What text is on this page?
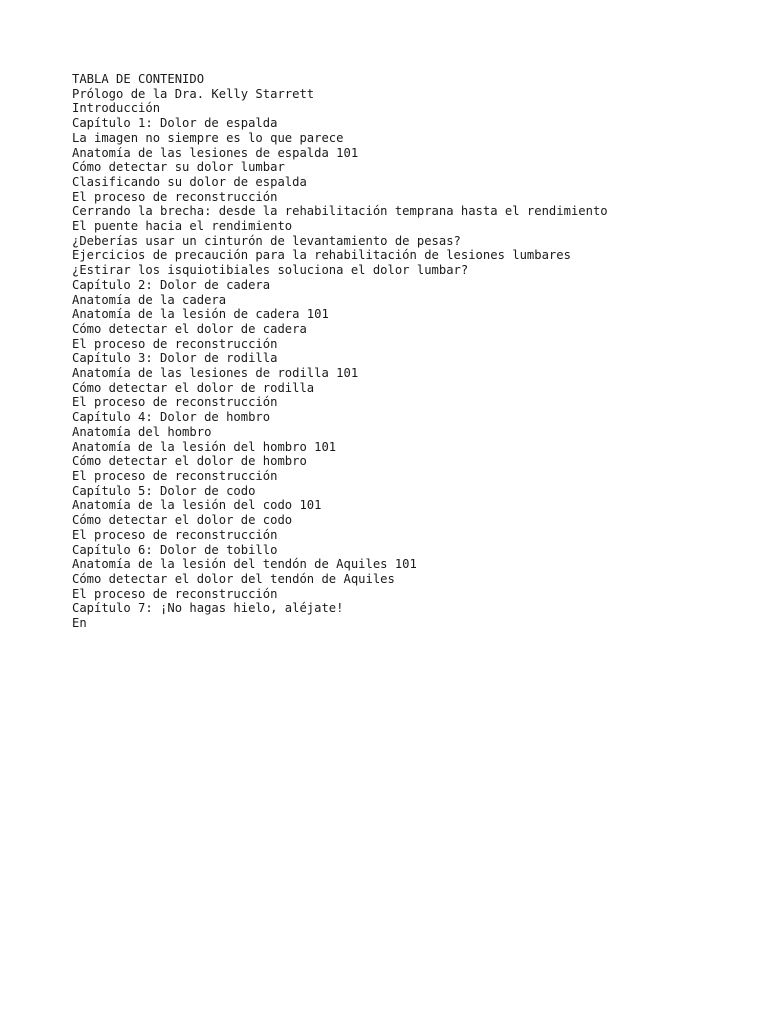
TABLA DE CONTENIDO
Prólogo de la Dra. Kelly Starrett
Introducción
Capítulo 1: Dolor de espalda
La imagen no siempre es lo que parece
Anatomía de las lesiones de espalda 101
Cómo detectar su dolor lumbar
Clasificando su dolor de espalda
El proceso de reconstrucción
Cerrando la brecha: desde la rehabilitación temprana hasta el rendimiento
El puente hacia el rendimiento
¿Deberías usar un cinturón de levantamiento de pesas?
Ejercicios de precaución para la rehabilitación de lesiones lumbares
¿Estirar los isquiotibiales soluciona el dolor lumbar?
Capítulo 2: Dolor de cadera
Anatomía de la cadera
Anatomía de la lesión de cadera 101
Cómo detectar el dolor de cadera
El proceso de reconstrucción
Capítulo 3: Dolor de rodilla
Anatomía de las lesiones de rodilla 101
Cómo detectar el dolor de rodilla
El proceso de reconstrucción
Capítulo 4: Dolor de hombro
Anatomía del hombro
Anatomía de la lesión del hombro 101
Cómo detectar el dolor de hombro
El proceso de reconstrucción
Capítulo 5: Dolor de codo
Anatomía de la lesión del codo 101
Cómo detectar el dolor de codo
El proceso de reconstrucción
Capítulo 6: Dolor de tobillo
Anatomía de la lesión del tendón de Aquiles 101
Cómo detectar el dolor del tendón de Aquiles
El proceso de reconstrucción
Capítulo 7: ¡No hagas hielo, aléjate!
En
